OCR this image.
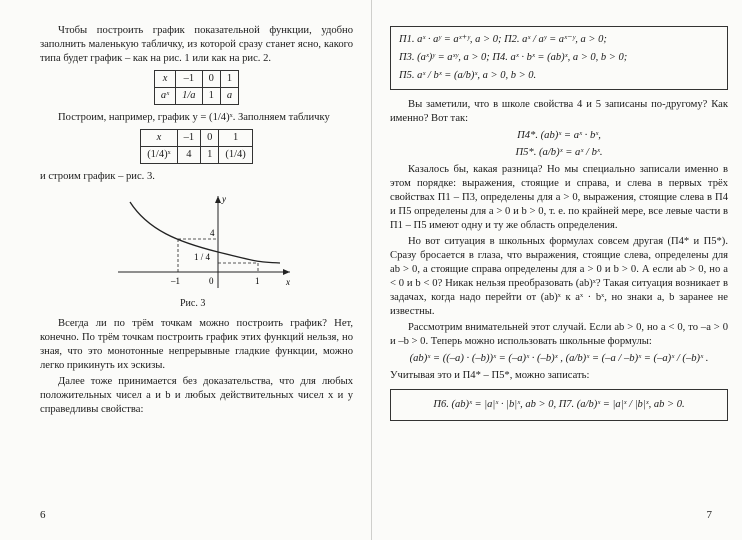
Чтобы построить график показательной функции, удобно заполнить маленькую табличку, из которой сразу станет ясно, какого типа будет график – как на рис. 1 или как на рис. 2.

x	–1	0	1
aˣ	1/a	1	a

Построим, например, график y = (1/4)ˣ. Заполняем табличку

x	–1	0	1
(1/4)ˣ	4	1	(1/4)

и строим график – рис. 3.

y
x
4
1 / 4
–1	0	1
Рис. 3

Всегда ли по трём точкам можно построить график? Нет, конечно. По трём точкам построить график этих функций нельзя, но зная, что это монотонные непрерывные гладкие функции, можно легко прикинуть их эскизы.

Далее тоже принимается без доказательства, что для любых положительных чисел a и b и любых действительных чисел x и y справедливы свойства:

6
П1. aˣ · aʸ = aˣ⁺ʸ, a > 0; П2. aˣ / aʸ = aˣ⁻ʸ, a > 0;
П3. (aˣ)ʸ = aˣʸ, a > 0; П4. aˣ · bˣ = (ab)ˣ, a > 0, b > 0;
П5. aˣ / bˣ = (a/b)ˣ, a > 0, b > 0.

Вы заметили, что в школе свойства 4 и 5 записаны по-другому? Как именно? Вот так:

П4*. (ab)ˣ = aˣ · bˣ,
П5*. (a/b)ˣ = aˣ / bˣ.

Казалось бы, какая разница? Но мы специально записали именно в этом порядке: выражения, стоящие и справа, и слева в первых трёх свойствах П1 – П3, определены для a > 0, выражения, стоящие слева в П4 и П5 определены для a > 0 и b > 0, т. е. по крайней мере, все левые части в П1 – П5 имеют одну и ту же область определения.

Но вот ситуация в школьных формулах совсем другая (П4* и П5*). Сразу бросается в глаза, что выражения, стоящие слева, определены для ab > 0, а стоящие справа определены для a > 0 и b > 0. А если ab > 0, но a < 0 и b < 0? Никак нельзя преобразовать (ab)ˣ? Такая ситуация возникает в задачах, когда надо перейти от (ab)ˣ к aˣ · bˣ, но знаки a, b заранее не известны.

Рассмотрим внимательней этот случай. Если ab > 0, но a < 0, то –a > 0 и –b > 0. Теперь можно использовать школьные формулы:

(ab)ˣ = ((–a) · (–b))ˣ = (–a)ˣ · (–b)ˣ , (a/b)ˣ = (–a / –b)ˣ = (–a)ˣ / (–b)ˣ .

Учитывая это и П4* – П5*, можно записать:

П6. (ab)ˣ = |a|ˣ · |b|ˣ, ab > 0, П7. (a/b)ˣ = |a|ˣ / |b|ˣ, ab > 0.
7
